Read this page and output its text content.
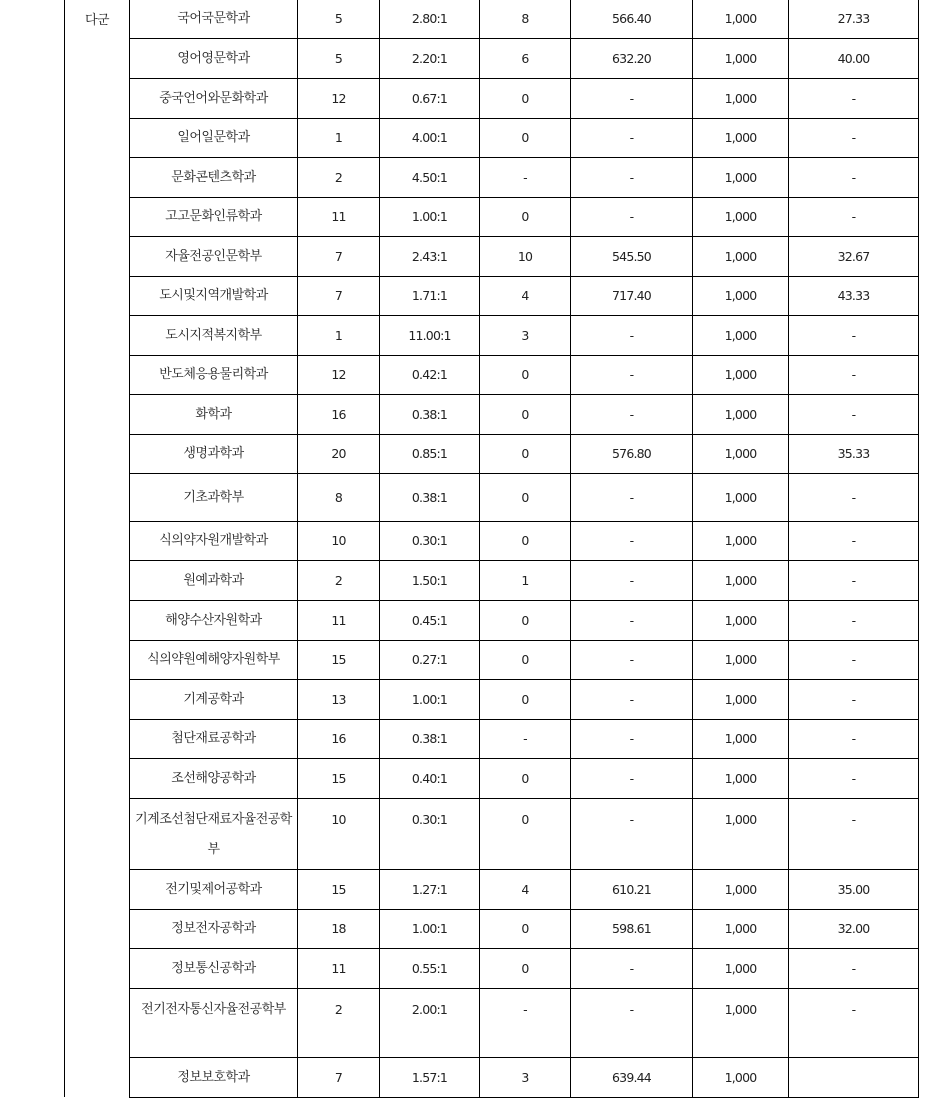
다군	국어국문학과	5	2.80:1	8	566.40	1,000	27.33
영어영문학과	5	2.20:1	6	632.20	1,000	40.00
중국언어와문화학과	12	0.67:1	0	-	1,000	-
일어일문학과	1	4.00:1	0	-	1,000	-
문화콘텐츠학과	2	4.50:1	-	-	1,000	-
고고문화인류학과	11	1.00:1	0	-	1,000	-
자율전공인문학부	7	2.43:1	10	545.50	1,000	32.67
도시및지역개발학과	7	1.71:1	4	717.40	1,000	43.33
도시지적복지학부	1	11.00:1	3	-	1,000	-
반도체응용물리학과	12	0.42:1	0	-	1,000	-
화학과	16	0.38:1	0	-	1,000	-
생명과학과	20	0.85:1	0	576.80	1,000	35.33
기초과학부	8	0.38:1	0	-	1,000	-
식의약자원개발학과	10	0.30:1	0	-	1,000	-
원예과학과	2	1.50:1	1	-	1,000	-
해양수산자원학과	11	0.45:1	0	-	1,000	-
식의약원예해양자원학부	15	0.27:1	0	-	1,000	-
기계공학과	13	1.00:1	0	-	1,000	-
첨단재료공학과	16	0.38:1	-	-	1,000	-
조선해양공학과	15	0.40:1	0	-	1,000	-
기계조선첨단재료자율전공학부	10	0.30:1	0	-	1,000	-
전기및제어공학과	15	1.27:1	4	610.21	1,000	35.00
정보전자공학과	18	1.00:1	0	598.61	1,000	32.00
정보통신공학과	11	0.55:1	0	-	1,000	-
전기전자통신자율전공학부	2	2.00:1	-	-	1,000	-
정보보호학과	7	1.57:1	3	639.44	1,000	
